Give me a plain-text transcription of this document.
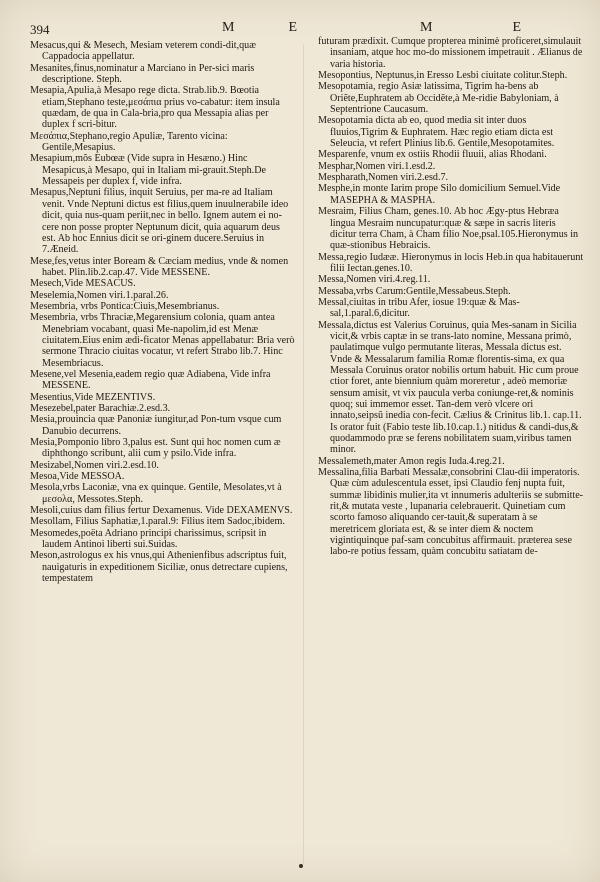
394	M	E	M	E

Mesacus,qui & Mesech, Mesiam veterem condi-dit,quæ Cappadocia appellatur.

Mesanites,finus,nominatur a Marciano in Per-sici maris descriptione. Steph.

Mesapia,Apulia,à Mesapo rege dicta. Strab.lib.9. Bœotia etiam,Stephano teste,μεσάπια prius vo-cabatur: item insula quædam, de qua in Cala-bria,pro qua Messapia alias per duplex f scri-bitur.

Μεσάπια,Stephano,regio Apuliæ, Tarento vicina: Gentile,Mesapius.

Mesapium,mõs Eubœæ (Vide supra in Hesæno.) Hinc Mesapicus,à Mesapo, qui in Italiam mi-grauit.Steph.De Messapeis per duplex f, vide infra.

Mesapus,Neptuni filius, inquit Seruius, per ma-re ad Italiam venit. Vnde Neptuni dictus est filius,quem inuulnerabile ideo dicit, quia nus-quam periit,nec in bello. Ignem autem ei no-cere non posse propter Neptunum dicit, quia aquarum deus est. Ab hoc Ennius dicit se ori-ginem ducere.Seruius in 7.Æneid.

Mese,fes,vetus inter Boream & Cæciam medius, vnde & nomen habet. Plin.lib.2.cap.47. Vide MESSENE.

Mesech,Vide MESACUS.

Meselemia,Nomen viri.1.paral.26.

Mesembria, vrbs Pontica:Ciuis,Mesembrianus.

Mesembria, vrbs Thraciæ,Megarensium colonia, quam antea Menebriam vocabant, quasi Me-napolim,id est Menæ ciuitatem.Eius enim ædi-ficator Menas appellabatur: Bria verò sermone Thracio ciuitas vocatur, vt refert Strabo lib.7. Hinc Mesembriacus.

Mesene,vel Mesenia,eadem regio quæ Adiabena, Vide infra MESSENE.

Mesentius,Vide MEZENTIVS.

Mesezebel,pater Barachiæ.2.esd.3.

Mesia,prouincia quæ Panoniæ iungitur,ad Pon-tum vsque cum Danubio decurrens.

Mesia,Pomponio libro 3,palus est. Sunt qui hoc nomen cum æ diphthongo scribunt, alii cum y psilo.Vide infra.

Mesizabel,Nomen viri.2.esd.10.

Mesoa,Vide MESSOA.

Mesola,vrbs Laconiæ, vna ex quinque. Gentile, Mesolates,vt à μεσολα, Messotes.Steph.

Mesoli,cuius dam filius fertur Dexamenus. Vide DEXAMENVS.

Mesollam, Filius Saphatiæ,1.paral.9: Filius item Sadoc,ibidem.

Mesomedes,poëta Adriano principi charissimus, scripsit in laudem Antinoi liberti sui.Suidas.

Meson,astrologus ex his vnus,qui Athenienfibus adscriptus fuit, nauigaturis in expeditionem Siciliæ, onus detrectare cupiens, tempestatem

futuram prædixit. Cumque propterea minimè proficeret,simulauit insaniam, atque hoc mo-do missionem impetrauit . Ælianus de varia historia.

Mesopontius, Neptunus,in Eresso Lesbi ciuitate colitur.Steph.

Mesopotamia, regio Asiæ latissima, Tigrim ha-bens ab Oriẽte,Euphratem ab Occidẽte,à Me-ridie Babyloniam, à Septentrione Caucasum.

Mesopotamia dicta ab eo, quod media sit inter duos fluuios,Tigrim & Euphratem. Hæc regio etiam dicta est Seleucia, vt refert Plinius lib.6. Gentile,Mesopotamites.

Mesparenfe, vnum ex ostiis Rhodii fluuii, alias Rhodani.

Mesphar,Nomen viri.1.esd.2.

Mespharath,Nomen viri.2.esd.7.

Mesphe,in monte Iarim prope Silo domicilium Semuel.Vide MASEPHA & MASPHA.

Mesraim, Filius Cham, genes.10. Ab hoc Ægy-ptus Hebræa lingua Mesraim nuncupatur:quæ & sæpe in sacris literis dicitur terra Cham, à Cham filio Noe,psal.105.Hieronymus in quæ-stionibus Hebraicis.

Messa,regio Iudææ. Hieronymus in locis Heb.in qua habitauerunt filii Iectan.genes.10.

Messa,Nomen viri.4.reg.11.

Messaba,vrbs Carum:Gentile,Messabeus.Steph.

Messal,ciuitas in tribu Afer, iosue 19:quæ & Mas-sal,1.paral.6,dicitur.

Messala,dictus est Valerius Coruinus, quia Mes-sanam in Sicilia vicit,& vrbis captæ in se trans-lato nomine, Messana primò, paulatimque vulgo permutante literas, Messala dictus est. Vnde & Messalarum familia Romæ florentis-sima, ex qua Messala Coruinus orator nobilis ortum habuit. Hic cum proue ctior foret, ante biennium quàm moreretur , adeò memoriæ sensum amisit, vt vix paucula verba coniunge-ret,& nominis quoq; sui immemor esset. Tan-dem verò vlcere ori innato,seipsũ inedia con-fecit. Cælius & Crinitus lib.1. cap.11. Is orator fuit (Fabio teste lib.10.cap.1.) nitidus & candi-dus,& quodammodo præ se ferens nobilitatem suam,viribus tamen minor.

Messalemeth,mater Amon regis Iuda.4.reg.21.

Messalina,filia Barbati Messalæ,consobrini Clau-dii imperatoris. Quæ cùm adulescentula esset, ipsi Claudio fenj nupta fuit, summæ libidinis mulier,ita vt innumeris adulteriis se submitte-rit,& mutata veste , lupanaria celebrauerit. Quinetiam cum scorto famoso aliquando cer-tauit,& superatam à se meretricem gloriata est, & se inter diem & noctem vigintiquinque paf-sam concubitus affirmauit. præterea sese labo-re potius fessam, quàm concubitu satiatam de-
